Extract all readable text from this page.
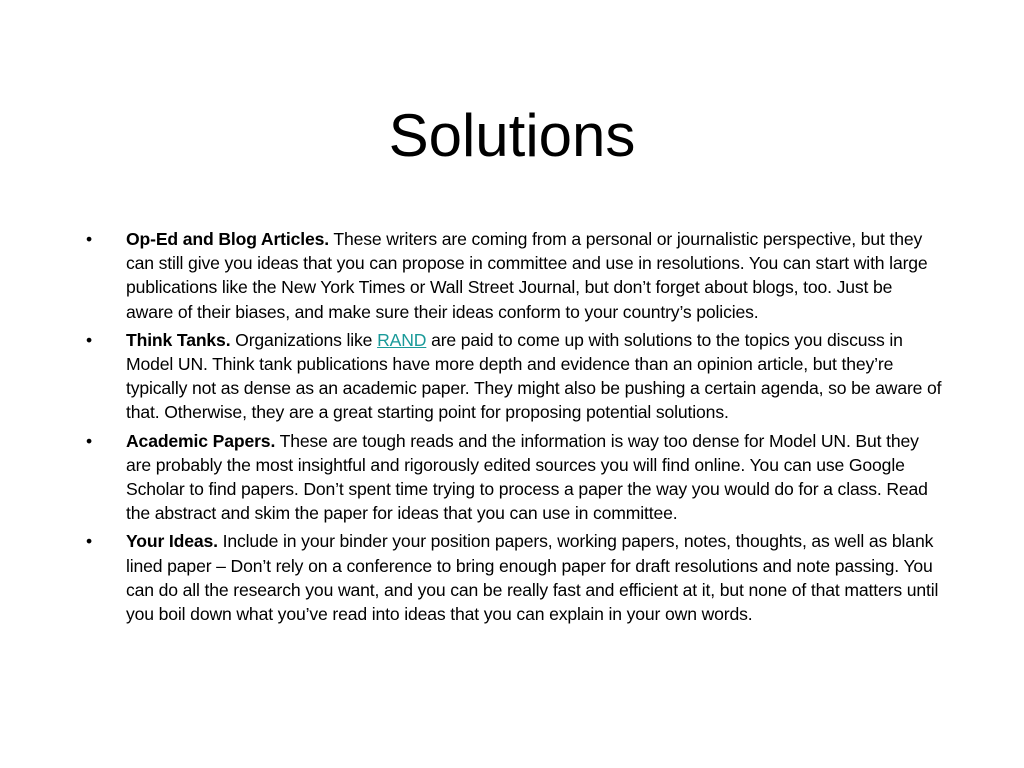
Solutions
•	Op-Ed and Blog Articles. These writers are coming from a personal or journalistic perspective, but they can still give you ideas that you can propose in committee and use in resolutions. You can start with large publications like the New York Times or Wall Street Journal, but don’t forget about blogs, too. Just be aware of their biases, and make sure their ideas conform to your country’s policies.
•	Think Tanks. Organizations like RAND are paid to come up with solutions to the topics you discuss in Model UN. Think tank publications have more depth and evidence than an opinion article, but they’re typically not as dense as an academic paper. They might also be pushing a certain agenda, so be aware of that. Otherwise, they are a great starting point for proposing potential solutions.
•	Academic Papers. These are tough reads and the information is way too dense for Model UN. But they are probably the most insightful and rigorously edited sources you will find online. You can use Google Scholar to find papers. Don’t spent time trying to process a paper the way you would do for a class. Read the abstract and skim the paper for ideas that you can use in committee.
•	Your Ideas. Include in your binder your position papers, working papers, notes, thoughts, as well as blank lined paper – Don’t rely on a conference to bring enough paper for draft resolutions and note passing. You can do all the research you want, and you can be really fast and efficient at it, but none of that matters until you boil down what you’ve read into ideas that you can explain in your own words.
